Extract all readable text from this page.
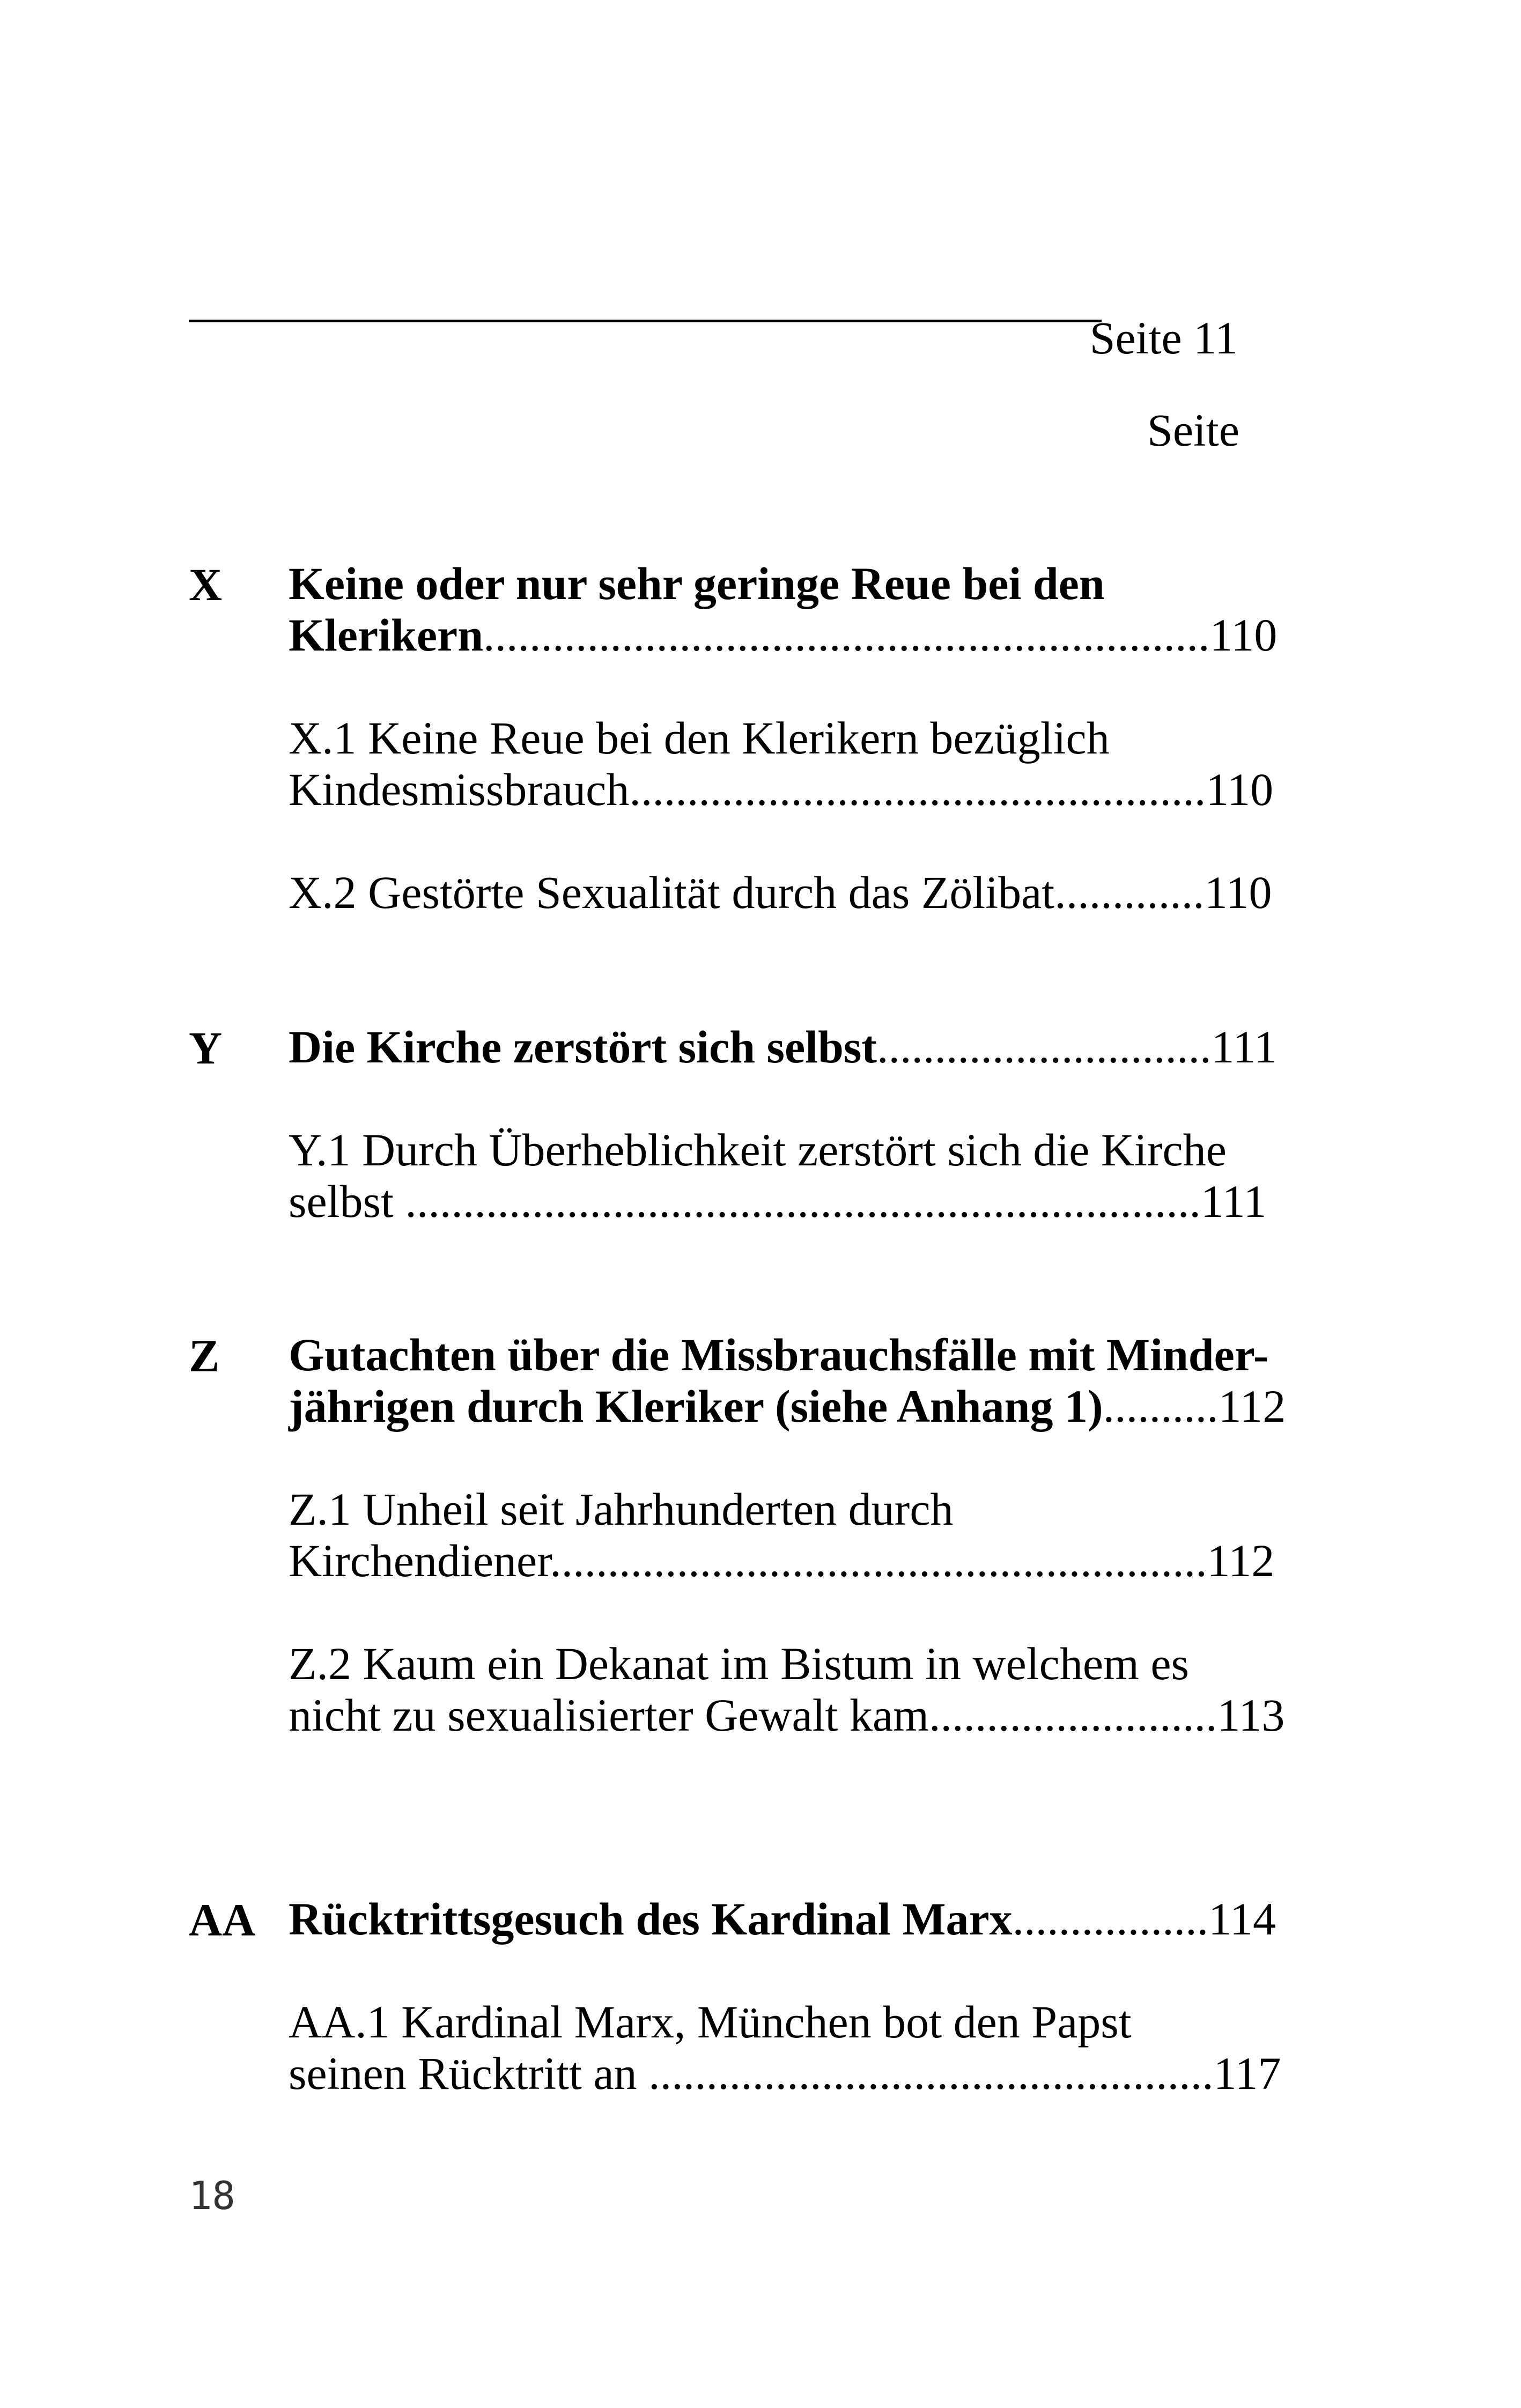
Seite 11
Seite
X Keine oder nur sehr geringe Reue bei den
Klerikern...............................................................110
X.1 Keine Reue bei den Klerikern bezüglich
Kindesmissbrauch..................................................110
X.2 Gestörte Sexualität durch das Zölibat.............110
Y Die Kirche zerstört sich selbst.............................111
Y.1 Durch Überheblichkeit zerstört sich die Kirche
selbst .....................................................................111
Z Gutachten über die Missbrauchsfälle mit Minder-
jährigen durch Kleriker (siehe Anhang 1)..........112
Z.1 Unheil seit Jahrhunderten durch
Kirchendiener.........................................................112
Z.2 Kaum ein Dekanat im Bistum in welchem es
nicht zu sexualisierter Gewalt kam.........................113
AA Rücktrittsgesuch des Kardinal Marx.................114
AA.1 Kardinal Marx, München bot den Papst
seinen Rücktritt an .................................................117
18
